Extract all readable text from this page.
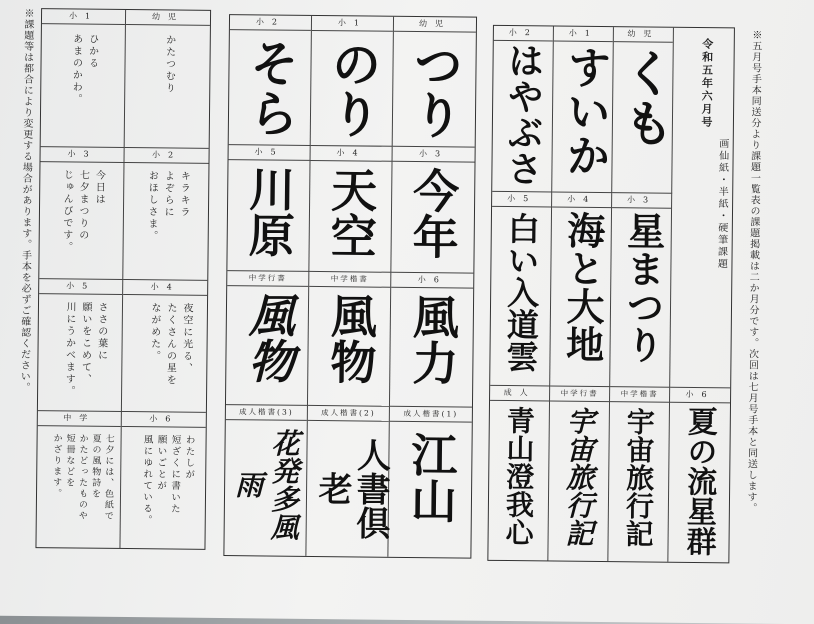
※課題等は都合により変更する場合があります。手本を必ずご確認ください。	幼児
かたつむり
小1
ひかる
あまのかわ。
小2
キラキラ
よぞらに
おほしさま。
小3
今日は
七夕まつりの
じゅんびです。
小4
夜空に光る、
たくさんの星を
ながめた。
小5
ささの葉に
願いをこめて、
川にうかべます。
小6
わたしが
短ざくに書いた
願いごとが
風にゆれている。
中学
七夕には、色紙で
夏の風物詩を
かたどったものや
短冊などを
かざります。
幼児
つり
小1
のり
小2
そら
小3
今年
小4
天空
小5
川原
小6
風力
中学楷書
風物
中学行書
風物
成人楷書(1)
江山
成人楷書(2)
人書倶老
成人楷書(3)
花発多風雨
令和五年六月号
画仙紙・半紙・硬筆課題
幼児
くも
小1
すいか
小2
はやぶさ
小3
星まつり
小4
海と大地
小5
白い入道雲
小6
夏の流星群
中学楷書
宇宙旅行記
中学行書
宇宙旅行記
成人
青山澄我心	※五月号手本同送分より課題一覧表の課題掲載は二か月分です。次回は七月号手本と同送します。
